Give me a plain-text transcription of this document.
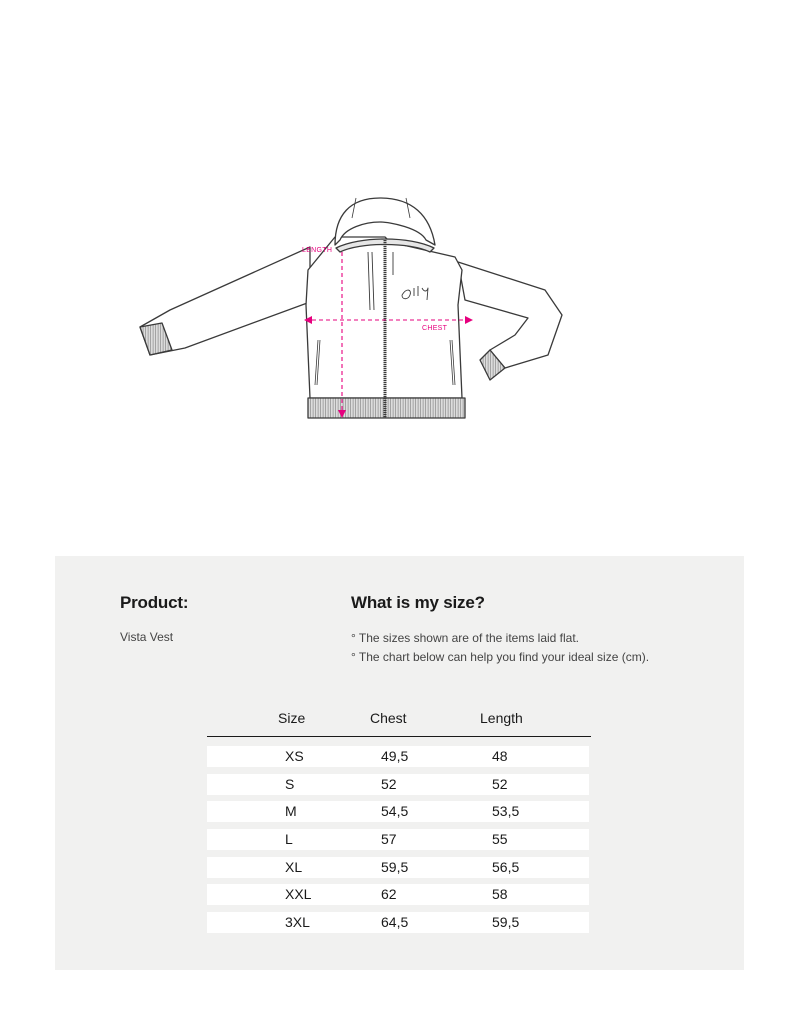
LENGTH
CHEST
Product:
Vista Vest
What is my size?
° The sizes shown are of the items laid flat.
° The chart below can help you find your ideal size (cm).
Size	Chest	Length
XS	49,5	48
S	52	52
M	54,5	53,5
L	57	55
XL	59,5	56,5
XXL	62	58
3XL	64,5	59,5
